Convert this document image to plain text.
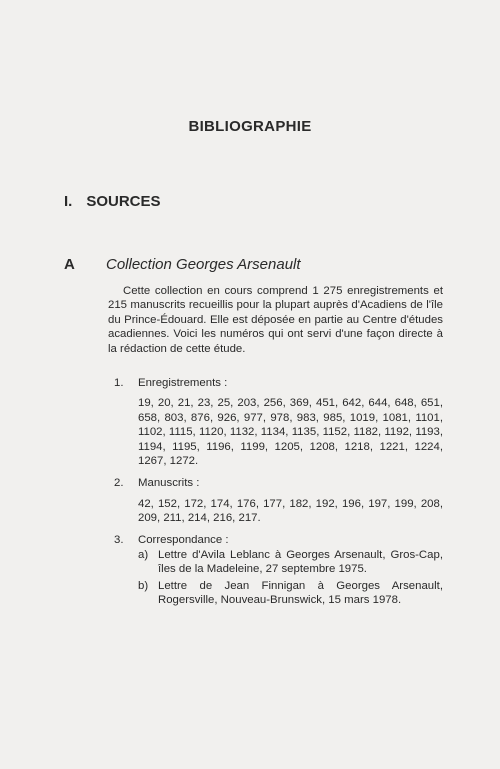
BIBLIOGRAPHIE
I. SOURCES
A Collection Georges Arsenault

Cette collection en cours comprend 1 275 enregistrements et 215 manuscrits recueillis pour la plupart auprès d'Acadiens de l'île du Prince-Édouard. Elle est déposée en partie au Centre d'études acadiennes. Voici les numéros qui ont servi d'une façon directe à la rédaction de cette étude.

1. Enregistrements :
19, 20, 21, 23, 25, 203, 256, 369, 451, 642, 644, 648, 651, 658, 803, 876, 926, 977, 978, 983, 985, 1019, 1081, 1101, 1102, 1115, 1120, 1132, 1134, 1135, 1152, 1182, 1192, 1193, 1194, 1195, 1196, 1199, 1205, 1208, 1218, 1221, 1224, 1267, 1272.
2. Manuscrits :
42, 152, 172, 174, 176, 177, 182, 192, 196, 197, 199, 208, 209, 211, 214, 216, 217.
3. Correspondance :
a) Lettre d'Avila Leblanc à Georges Arsenault, Gros-Cap, îles de la Madeleine, 27 septembre 1975.
b) Lettre de Jean Finnigan à Georges Arsenault, Rogersville, Nouveau-Brunswick, 15 mars 1978.
